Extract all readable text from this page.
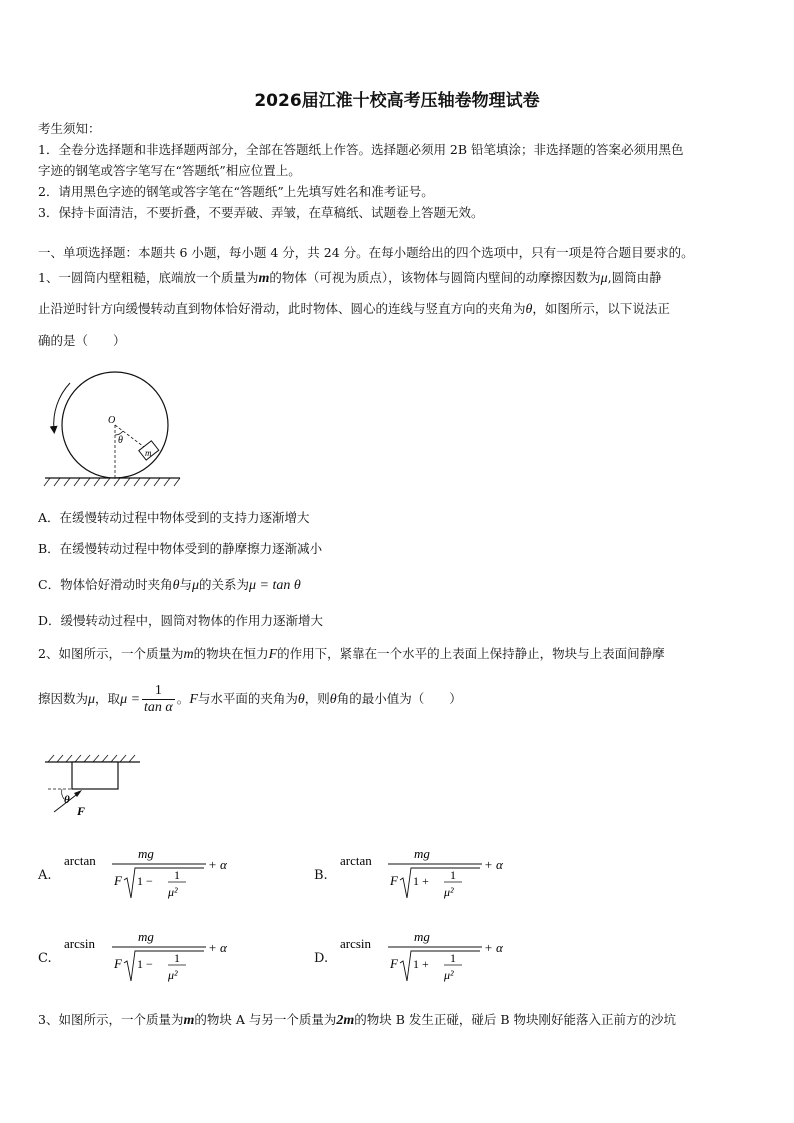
2026届江淮十校高考压轴卷物理试卷
考生须知：
1．全卷分选择题和非选择题两部分，全部在答题纸上作答。选择题必须用 2B 铅笔填涂；非选择题的答案必须用黑色
字迹的钢笔或答字笔写在“答题纸”相应位置上。
2．请用黑色字迹的钢笔或答字笔在“答题纸”上先填写姓名和准考证号。
3．保持卡面清洁，不要折叠，不要弄破、弄皱，在草稿纸、试题卷上答题无效。
一、单项选择题：本题共 6 小题，每小题 4 分，共 24 分。在每小题给出的四个选项中，只有一项是符合题目要求的。
1、一圆筒内壁粗糙，底端放一个质量为m的物体（可视为质点），该物体与圆筒内壁间的动摩擦因数为μ,圆筒由静
止沿逆时针方向缓慢转动直到物体恰好滑动，此时物体、圆心的连线与竖直方向的夹角为θ，如图所示，以下说法正
确的是（　　）
O
θ
m
A．在缓慢转动过程中物体受到的支持力逐渐增大
B．在缓慢转动过程中物体受到的静摩擦力逐渐减小
C．物体恰好滑动时夹角θ与μ的关系为μ = tan θ
D．缓慢转动过程中，圆筒对物体的作用力逐渐增大
2、如图所示，一个质量为m的物块在恒力F的作用下，紧靠在一个水平的上表面上保持静止，物块与上表面间静摩
擦因数为μ，取$\mu = \frac{1}{\text{tan α}}$ 。F与水平面的夹角为θ，则θ角的最小值为（　　）
θ
F
A.
arctan	mg
F 1 − 1
μ²
+ α
B.
arctan	mg
F 1 + 1
μ²
+ α
C.
arcsin	mg
F 1 − 1
μ²
+ α
D.
arcsin	mg
F 1 + 1
μ²
+ α
3、如图所示，一个质量为m的物块 A 与另一个质量为2m的物块 B 发生正碰，碰后 B 物块刚好能落入正前方的沙坑
